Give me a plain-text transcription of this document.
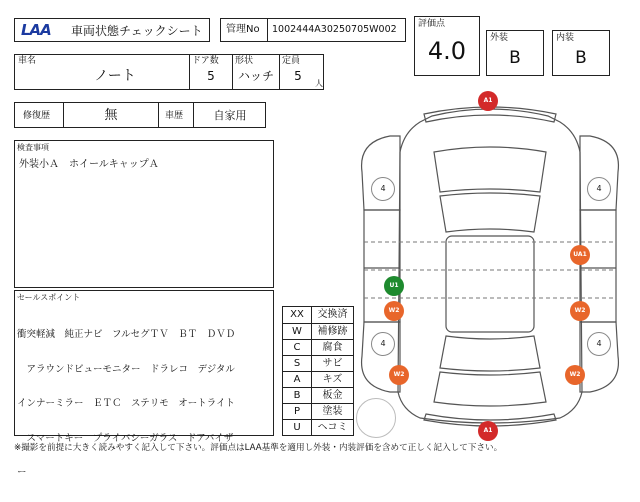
LAA 車両状態チェックシート 管理No 1002444A30250705W002 評価点
4.0	外装
B
内装
B
車名
ノート
ドア数
5
形状
ハッチ
定員
5
人
修復歴	無	車歴	自家用
検査事項
外装小Ａ　ホイールキャップＡ
セールスポイント

衝突軽減　純正ナビ　フルセグＴＶ　ＢＴ　ＤＶＤ

　アラウンドビューモニター　ドラレコ　デジタル

インナーミラー　ＥＴＣ　ステリモ　オートライト

　スマートキー　プライバシーガラス　ドアバイザ

ー

XX	交換済
W	補修跡
C	腐食
S	サビ
A	キズ
B	板金
P	塗装
U	ヘコミ
4	4
4	4
A1
A1
UA1
U1
W2	W2
W2	W2
※撮影を前提に大きく読みやすく記入して下さい。評価点はLAA基準を適用し外装・内装評価を含めて正しく記入して下さい。
